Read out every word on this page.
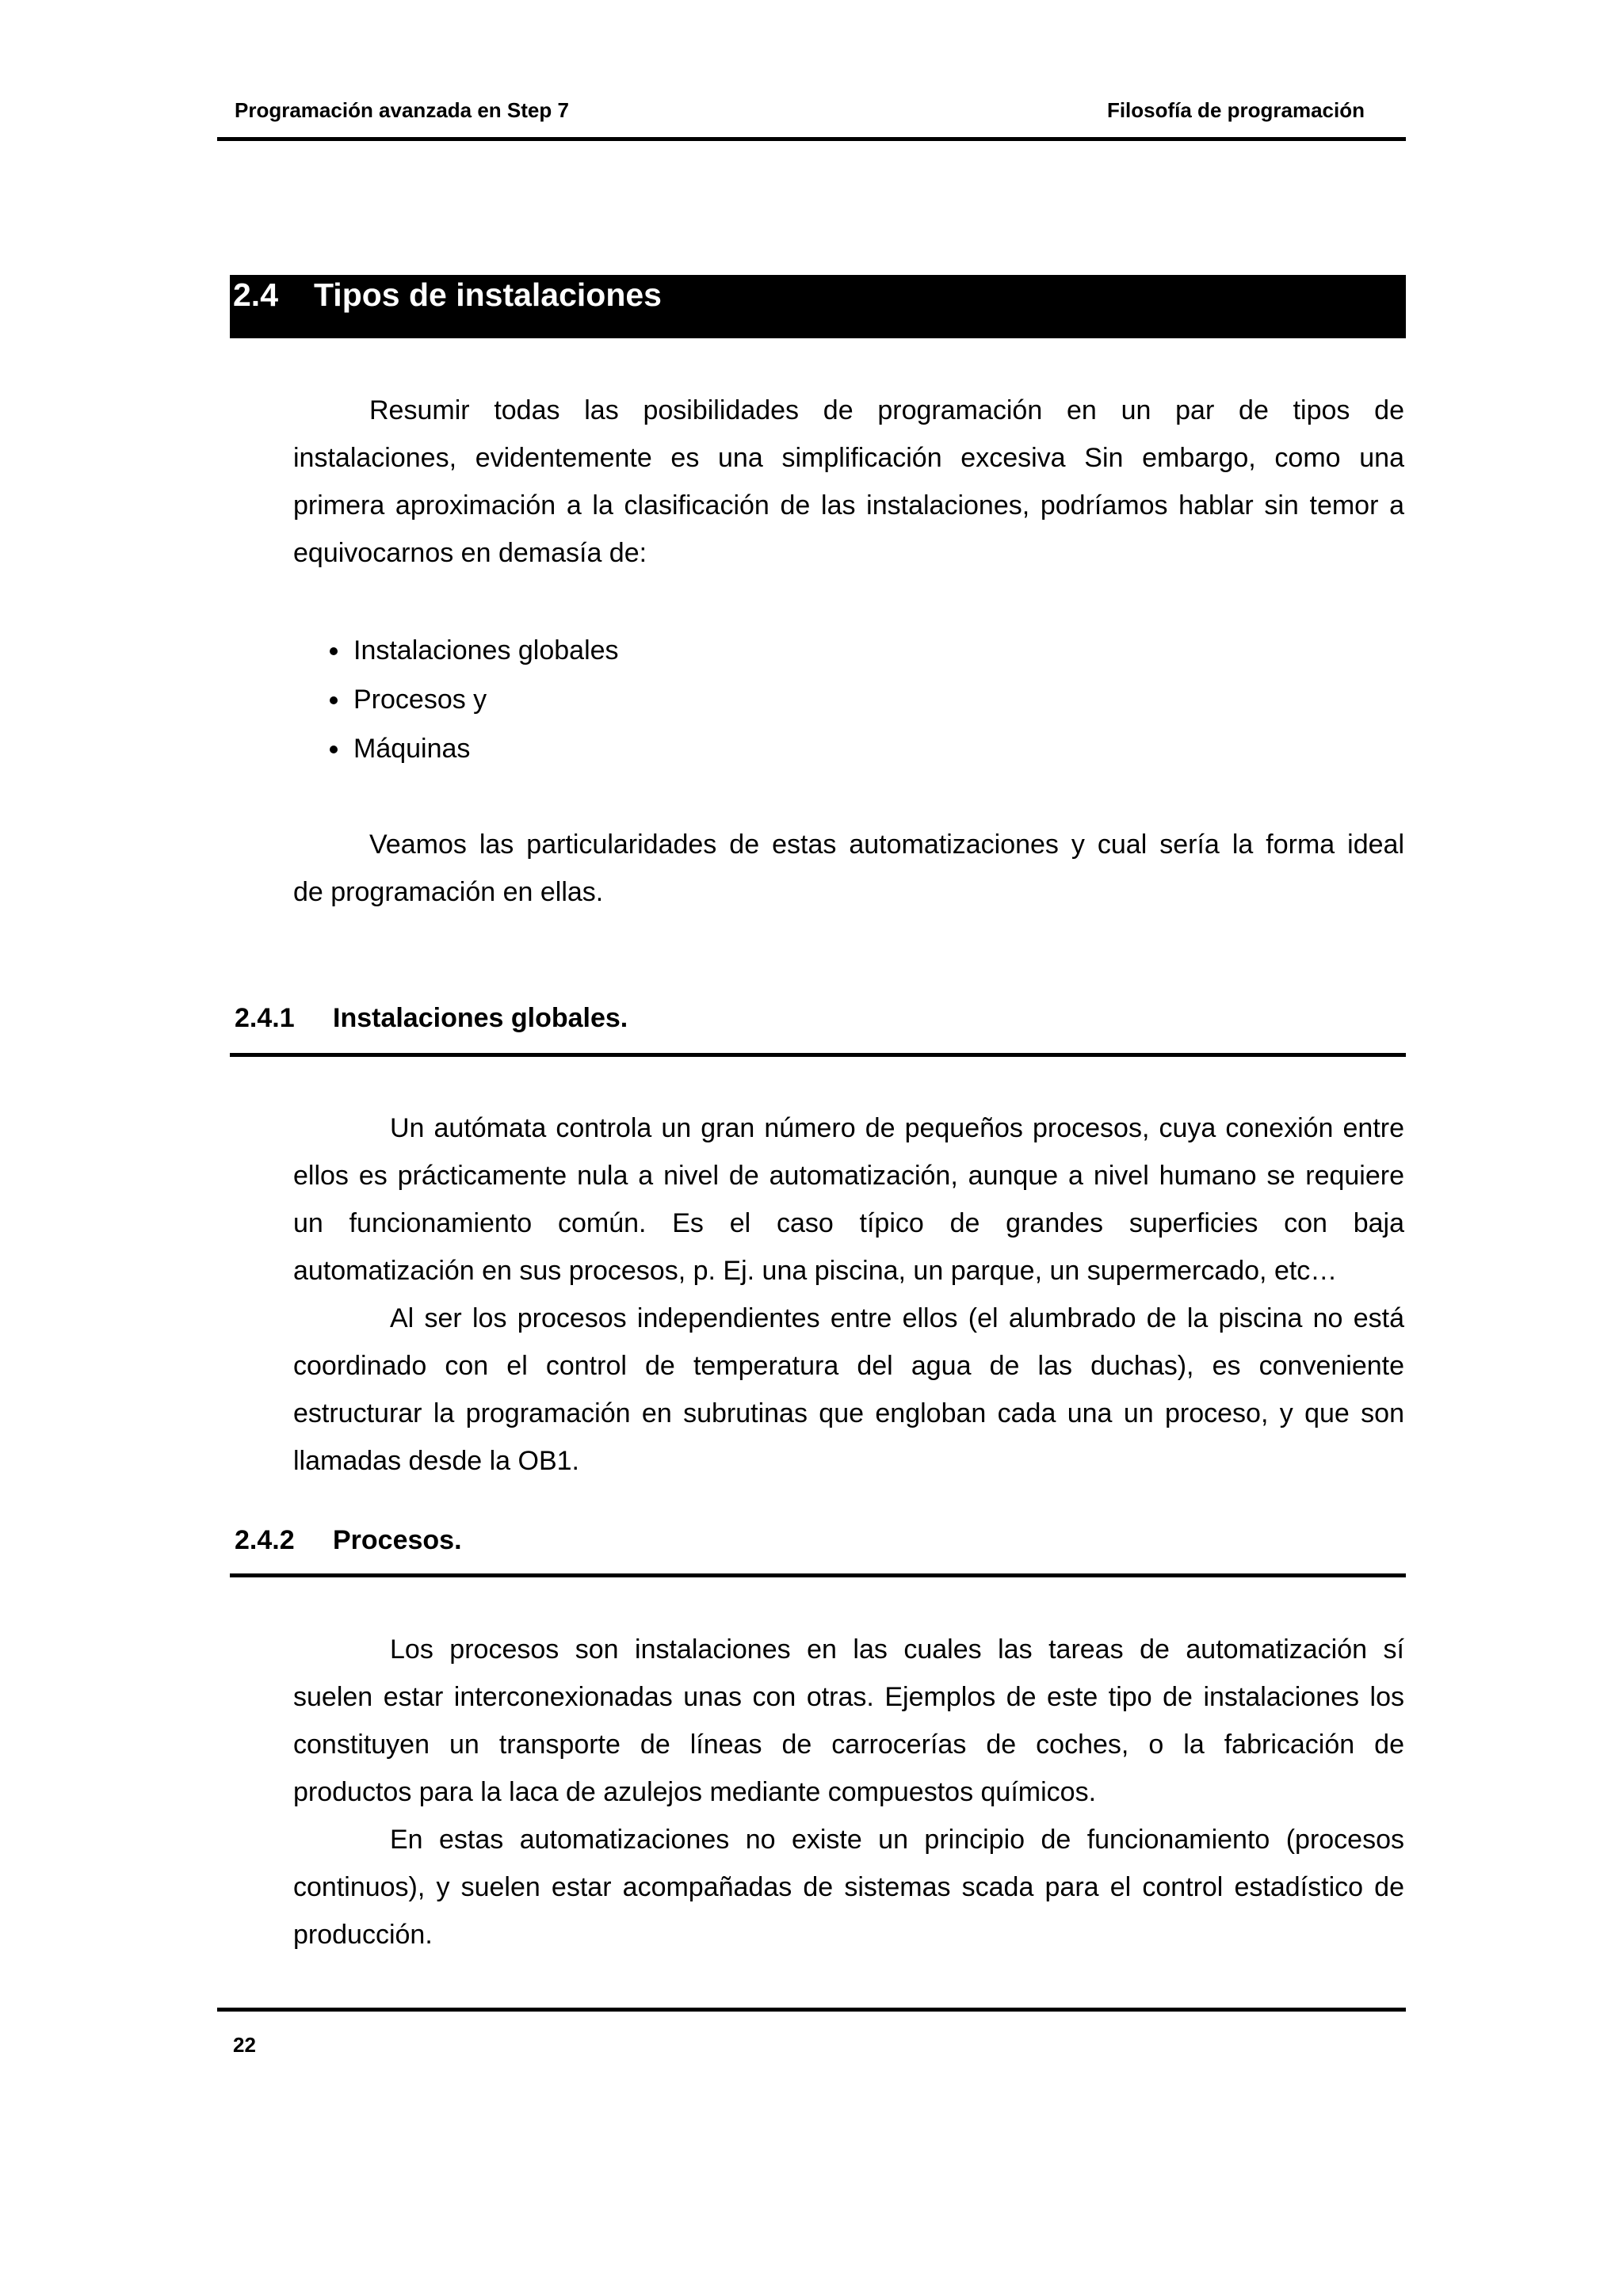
Programación avanzada en Step 7	Filosofía de programación
2.4 Tipos de instalaciones
Resumir todas las posibilidades de programación en un par de tipos de
instalaciones, evidentemente es una simplificación excesiva Sin embargo, como una
primera aproximación a la clasificación de las instalaciones, podríamos hablar sin temor a
equivocarnos en demasía de:
Instalaciones globales
Procesos y
Máquinas
Veamos las particularidades de estas automatizaciones y cual sería la forma ideal
de programación en ellas.
2.4.1 Instalaciones globales.
Un autómata controla un gran número de pequeños procesos, cuya conexión entre
ellos es prácticamente nula a nivel de automatización, aunque a nivel humano se requiere
un funcionamiento común. Es el caso típico de grandes superficies con baja
automatización en sus procesos, p. Ej. una piscina, un parque, un supermercado, etc…
Al ser los procesos independientes entre ellos (el alumbrado de la piscina no está
coordinado con el control de temperatura del agua de las duchas), es conveniente
estructurar la programación en subrutinas que engloban cada una un proceso, y que son
llamadas desde la OB1.
2.4.2 Procesos.
Los procesos son instalaciones en las cuales las tareas de automatización sí
suelen estar interconexionadas unas con otras. Ejemplos de este tipo de instalaciones los
constituyen un transporte de líneas de carrocerías de coches, o la fabricación de
productos para la laca de azulejos mediante compuestos químicos.
En estas automatizaciones no existe un principio de funcionamiento (procesos
continuos), y suelen estar acompañadas de sistemas scada para el control estadístico de
producción.
22
